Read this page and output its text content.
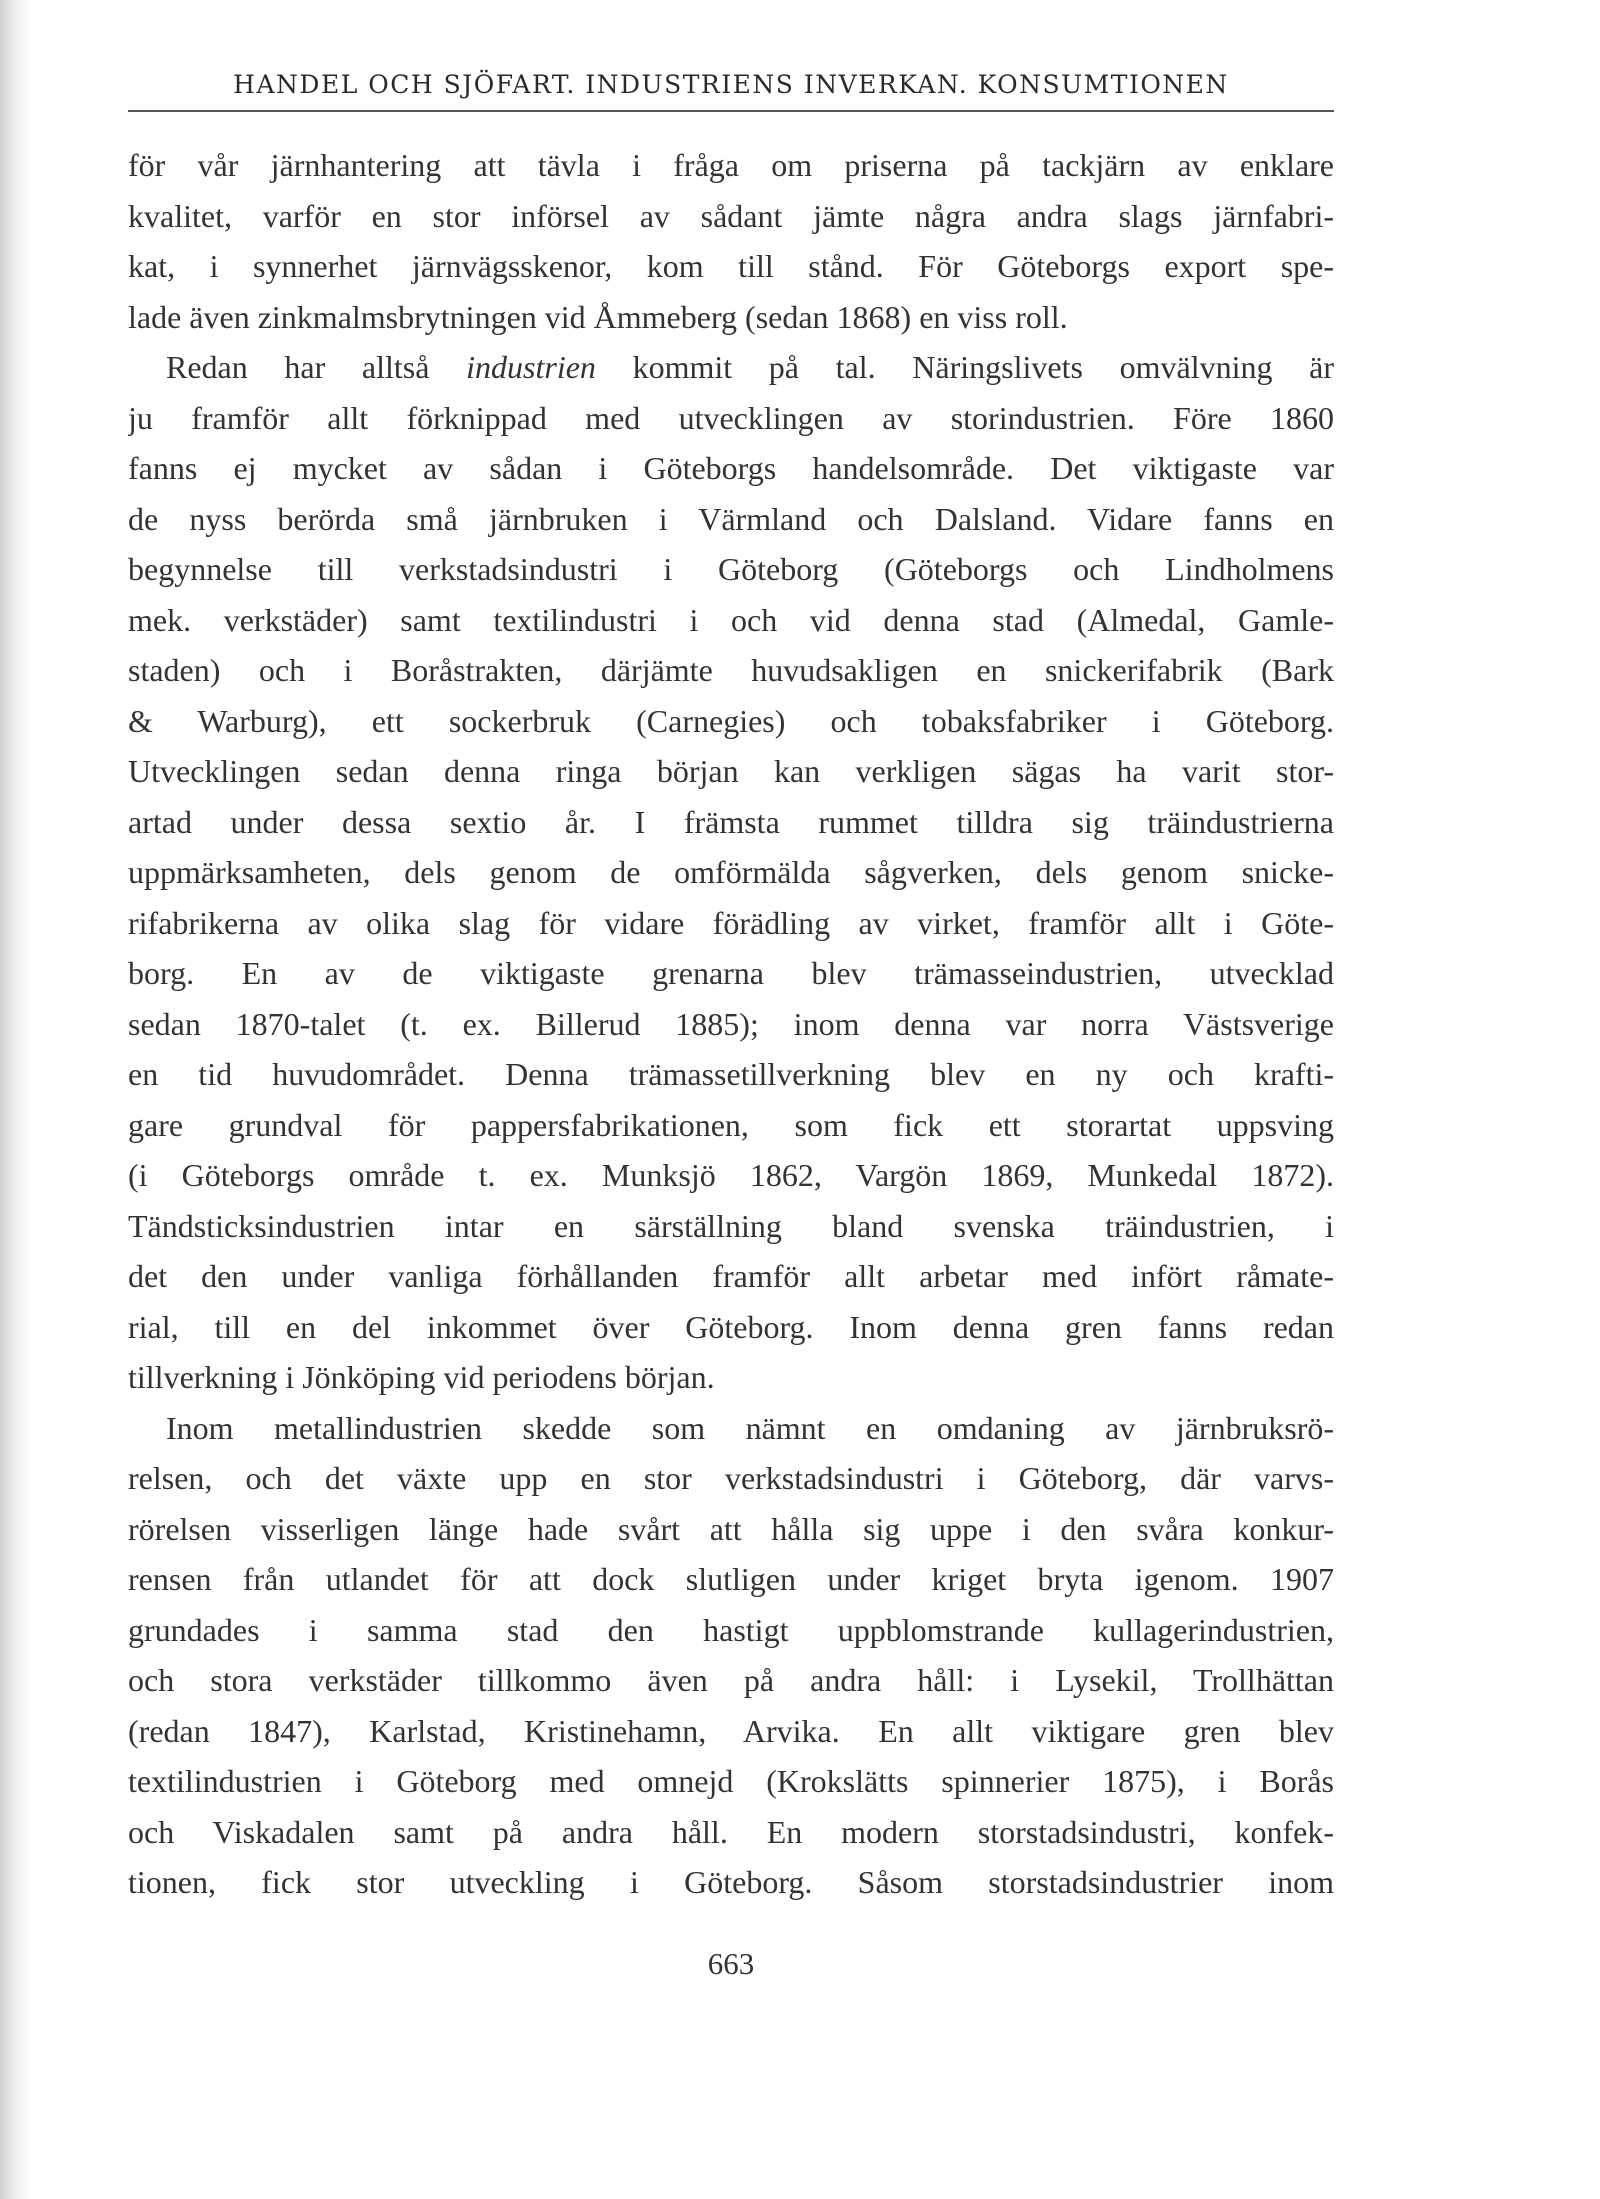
HANDEL OCH SJÖFART. INDUSTRIENS INVERKAN. KONSUMTIONEN
för vår järnhantering att tävla i fråga om priserna på tackjärn av enklare
kvalitet, varför en stor införsel av sådant jämte några andra slags järnfabri-
kat, i synnerhet järnvägsskenor, kom till stånd. För Göteborgs export spe-
lade även zinkmalmsbrytningen vid Åmmeberg (sedan 1868) en viss roll.
Redan har alltså industrien kommit på tal. Näringslivets omvälvning är
ju framför allt förknippad med utvecklingen av storindustrien. Före 1860
fanns ej mycket av sådan i Göteborgs handelsområde. Det viktigaste var
de nyss berörda små järnbruken i Värmland och Dalsland. Vidare fanns en
begynnelse till verkstadsindustri i Göteborg (Göteborgs och Lindholmens
mek. verkstäder) samt textilindustri i och vid denna stad (Almedal, Gamle-
staden) och i Boråstrakten, därjämte huvudsakligen en snickerifabrik (Bark
& Warburg), ett sockerbruk (Carnegies) och tobaksfabriker i Göteborg.
Utvecklingen sedan denna ringa början kan verkligen sägas ha varit stor-
artad under dessa sextio år. I främsta rummet tilldra sig träindustrierna
uppmärksamheten, dels genom de omförmälda sågverken, dels genom snicke-
rifabrikerna av olika slag för vidare förädling av virket, framför allt i Göte-
borg. En av de viktigaste grenarna blev trämasseindustrien, utvecklad
sedan 1870-talet (t. ex. Billerud 1885); inom denna var norra Västsverige
en tid huvudområdet. Denna trämassetillverkning blev en ny och krafti-
gare grundval för pappersfabrikationen, som fick ett storartat uppsving
(i Göteborgs område t. ex. Munksjö 1862, Vargön 1869, Munkedal 1872).
Tändsticksindustrien intar en särställning bland svenska träindustrien, i
det den under vanliga förhållanden framför allt arbetar med infört råmate-
rial, till en del inkommet över Göteborg. Inom denna gren fanns redan
tillverkning i Jönköping vid periodens början.
Inom metallindustrien skedde som nämnt en omdaning av järnbruksrö-
relsen, och det växte upp en stor verkstadsindustri i Göteborg, där varvs-
rörelsen visserligen länge hade svårt att hålla sig uppe i den svåra konkur-
rensen från utlandet för att dock slutligen under kriget bryta igenom. 1907
grundades i samma stad den hastigt uppblomstrande kullagerindustrien,
och stora verkstäder tillkommo även på andra håll: i Lysekil, Trollhättan
(redan 1847), Karlstad, Kristinehamn, Arvika. En allt viktigare gren blev
textilindustrien i Göteborg med omnejd (Krokslätts spinnerier 1875), i Borås
och Viskadalen samt på andra håll. En modern storstadsindustri, konfek-
tionen, fick stor utveckling i Göteborg. Såsom storstadsindustrier inom
663
